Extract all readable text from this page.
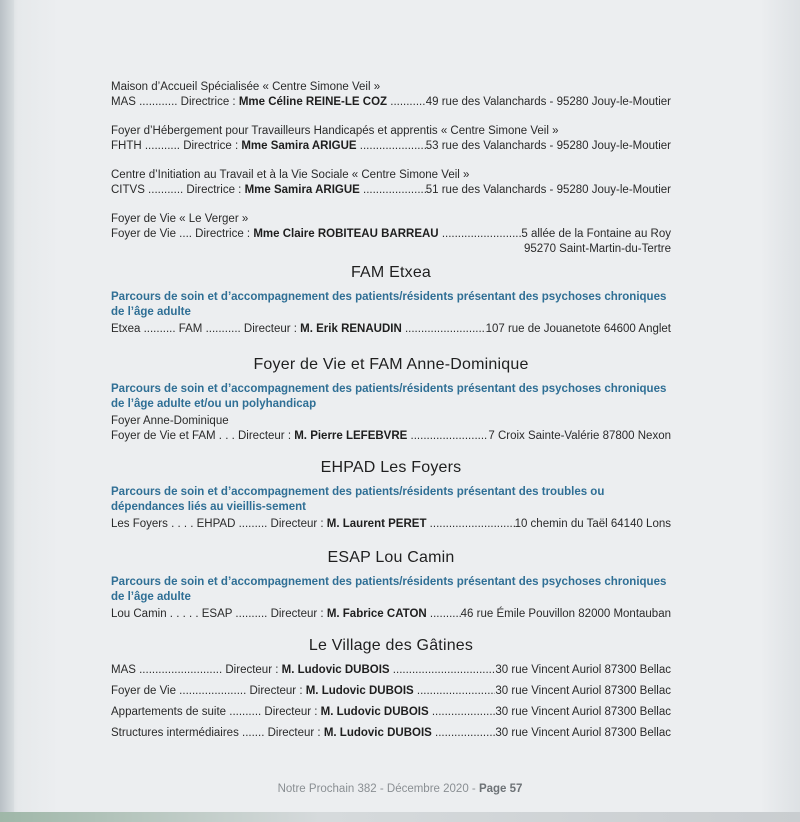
Maison d’Accueil Spécialisée « Centre Simone Veil »
MAS ............ Directrice : Mme Céline REINE-LE COZ .....	49 rue des Valanchards - 95280 Jouy-le-Moutier
Foyer d’Hébergement pour Travailleurs Handicapés et apprentis « Centre Simone Veil »
FHTH ........... Directrice : Mme Samira ARIGUE .....	53 rue des Valanchards - 95280 Jouy-le-Moutier
Centre d’Initiation au Travail et à la Vie Sociale « Centre Simone Veil »
CITVS ........... Directrice : Mme Samira ARIGUE .....	51 rue des Valanchards - 95280 Jouy-le-Moutier
Foyer de Vie « Le Verger »
Foyer de Vie .... Directrice : Mme Claire ROBITEAU BARREAU .....	5 allée de la Fontaine au Roy
95270 Saint-Martin-du-Tertre
FAM Etxea
Parcours de soin et d’accompagnement des patients/résidents présentant des psychoses chroniques de l’âge adulte
Etxea .......... FAM ........... Directeur : M. Erik RENAUDIN .....	107 rue de Jouanetote 64600 Anglet
Foyer de Vie et FAM Anne-Dominique
Parcours de soin et d’accompagnement des patients/résidents présentant des psychoses chroniques de l’âge adulte et/ou un polyhandicap
Foyer Anne-Dominique
Foyer de Vie et FAM . . . Directeur : M. Pierre LEFEBVRE .....	7 Croix Sainte-Valérie 87800 Nexon
EHPAD Les Foyers
Parcours de soin et d’accompagnement des patients/résidents présentant des troubles ou dépendances liés au vieillis-sement
Les Foyers . . . . EHPAD ......... Directeur : M. Laurent PERET .....	10 chemin du Taël 64140 Lons
ESAP Lou Camin
Parcours de soin et d’accompagnement des patients/résidents présentant des psychoses chroniques de l’âge adulte
Lou Camin . . . . . ESAP .......... Directeur : M. Fabrice CATON .....	46 rue Émile Pouvillon 82000 Montauban
Le Village des Gâtines
MAS .......................... Directeur : M. Ludovic DUBOIS .....	30 rue Vincent Auriol 87300 Bellac
Foyer de Vie ..................... Directeur : M. Ludovic DUBOIS .....	30 rue Vincent Auriol 87300 Bellac
Appartements de suite .......... Directeur : M. Ludovic DUBOIS .....	30 rue Vincent Auriol 87300 Bellac
Structures intermédiaires ....... Directeur : M. Ludovic DUBOIS .....	30 rue Vincent Auriol 87300 Bellac
Notre Prochain 382 - Décembre 2020 - Page 57
